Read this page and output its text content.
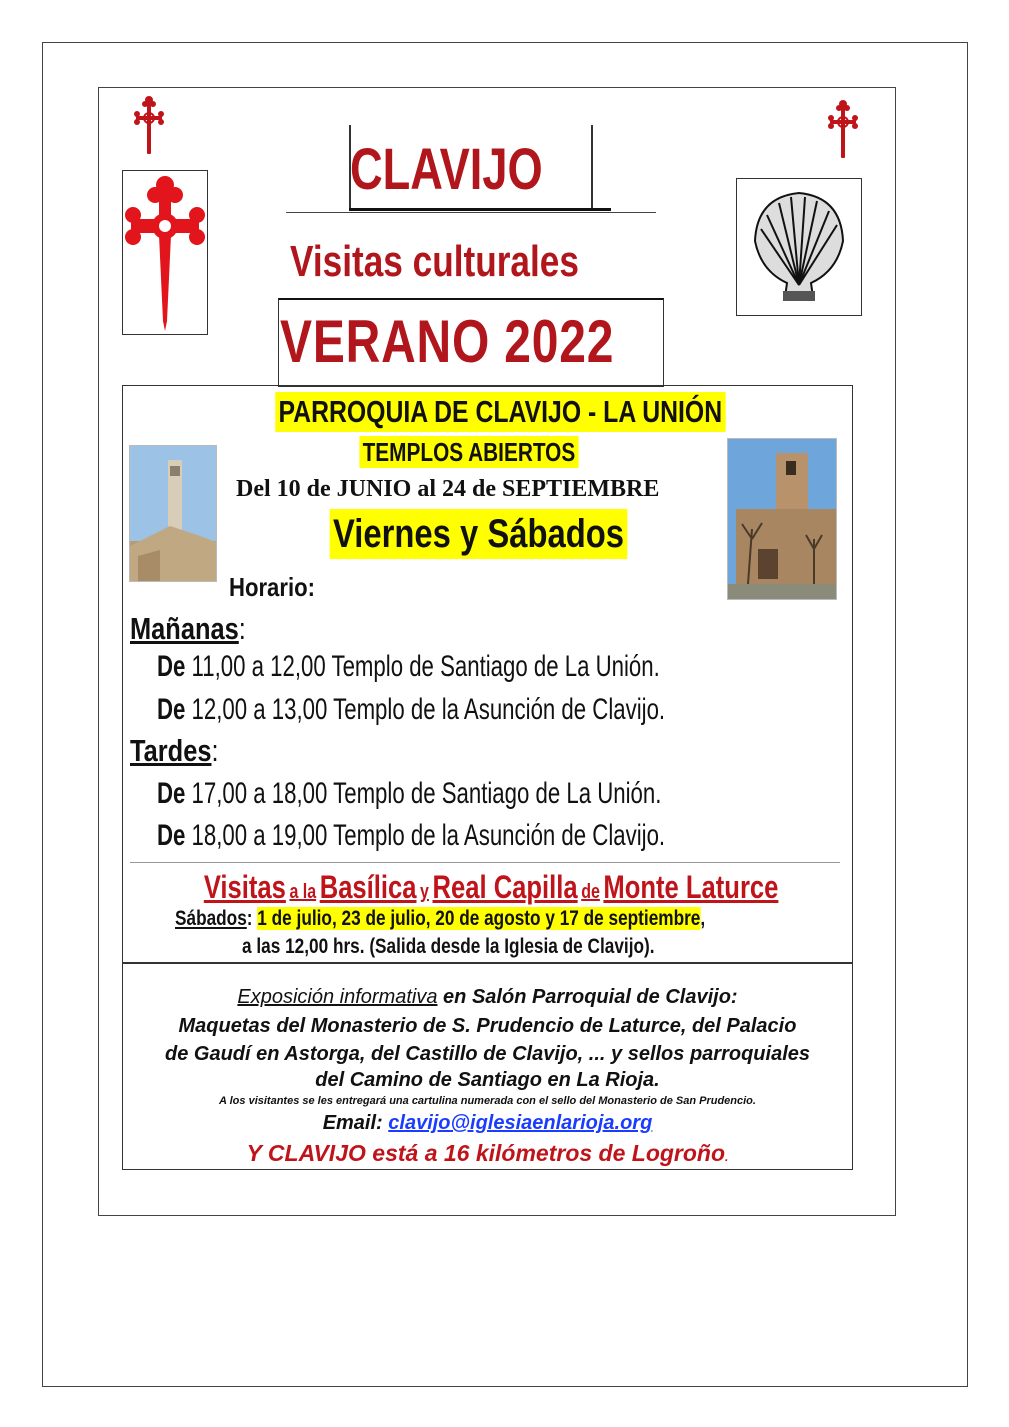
CLAVIJO
Visitas culturales
VERANO 2022
PARROQUIA DE CLAVIJO - LA UNIÓN
TEMPLOS ABIERTOS
Del 10 de JUNIO al 24 de SEPTIEMBRE
Viernes y Sábados
Horario:
Mañanas:
De 11,00 a 12,00 Templo de Santiago de La Unión.
De 12,00 a 13,00 Templo de la Asunción de Clavijo.
Tardes:
De 17,00 a 18,00 Templo de Santiago de La Unión.
De 18,00 a 19,00 Templo de la Asunción de Clavijo.
Visitas a la Basílica y Real Capilla de Monte Laturce
Sábados: 1 de julio, 23 de julio, 20 de agosto y 17 de septiembre,
a las 12,00 hrs. (Salida desde la Iglesia de Clavijo).
Exposición informativa en Salón Parroquial de Clavijo:
Maquetas del Monasterio de S. Prudencio de Laturce, del Palacio
de Gaudí en Astorga, del Castillo de Clavijo, ... y sellos parroquiales
del Camino de Santiago en La Rioja.
A los visitantes se les entregará una cartulina numerada con el sello del Monasterio de San Prudencio.
Email: clavijo@iglesiaenlarioja.org
Y CLAVIJO está a 16 kilómetros de Logroño.
